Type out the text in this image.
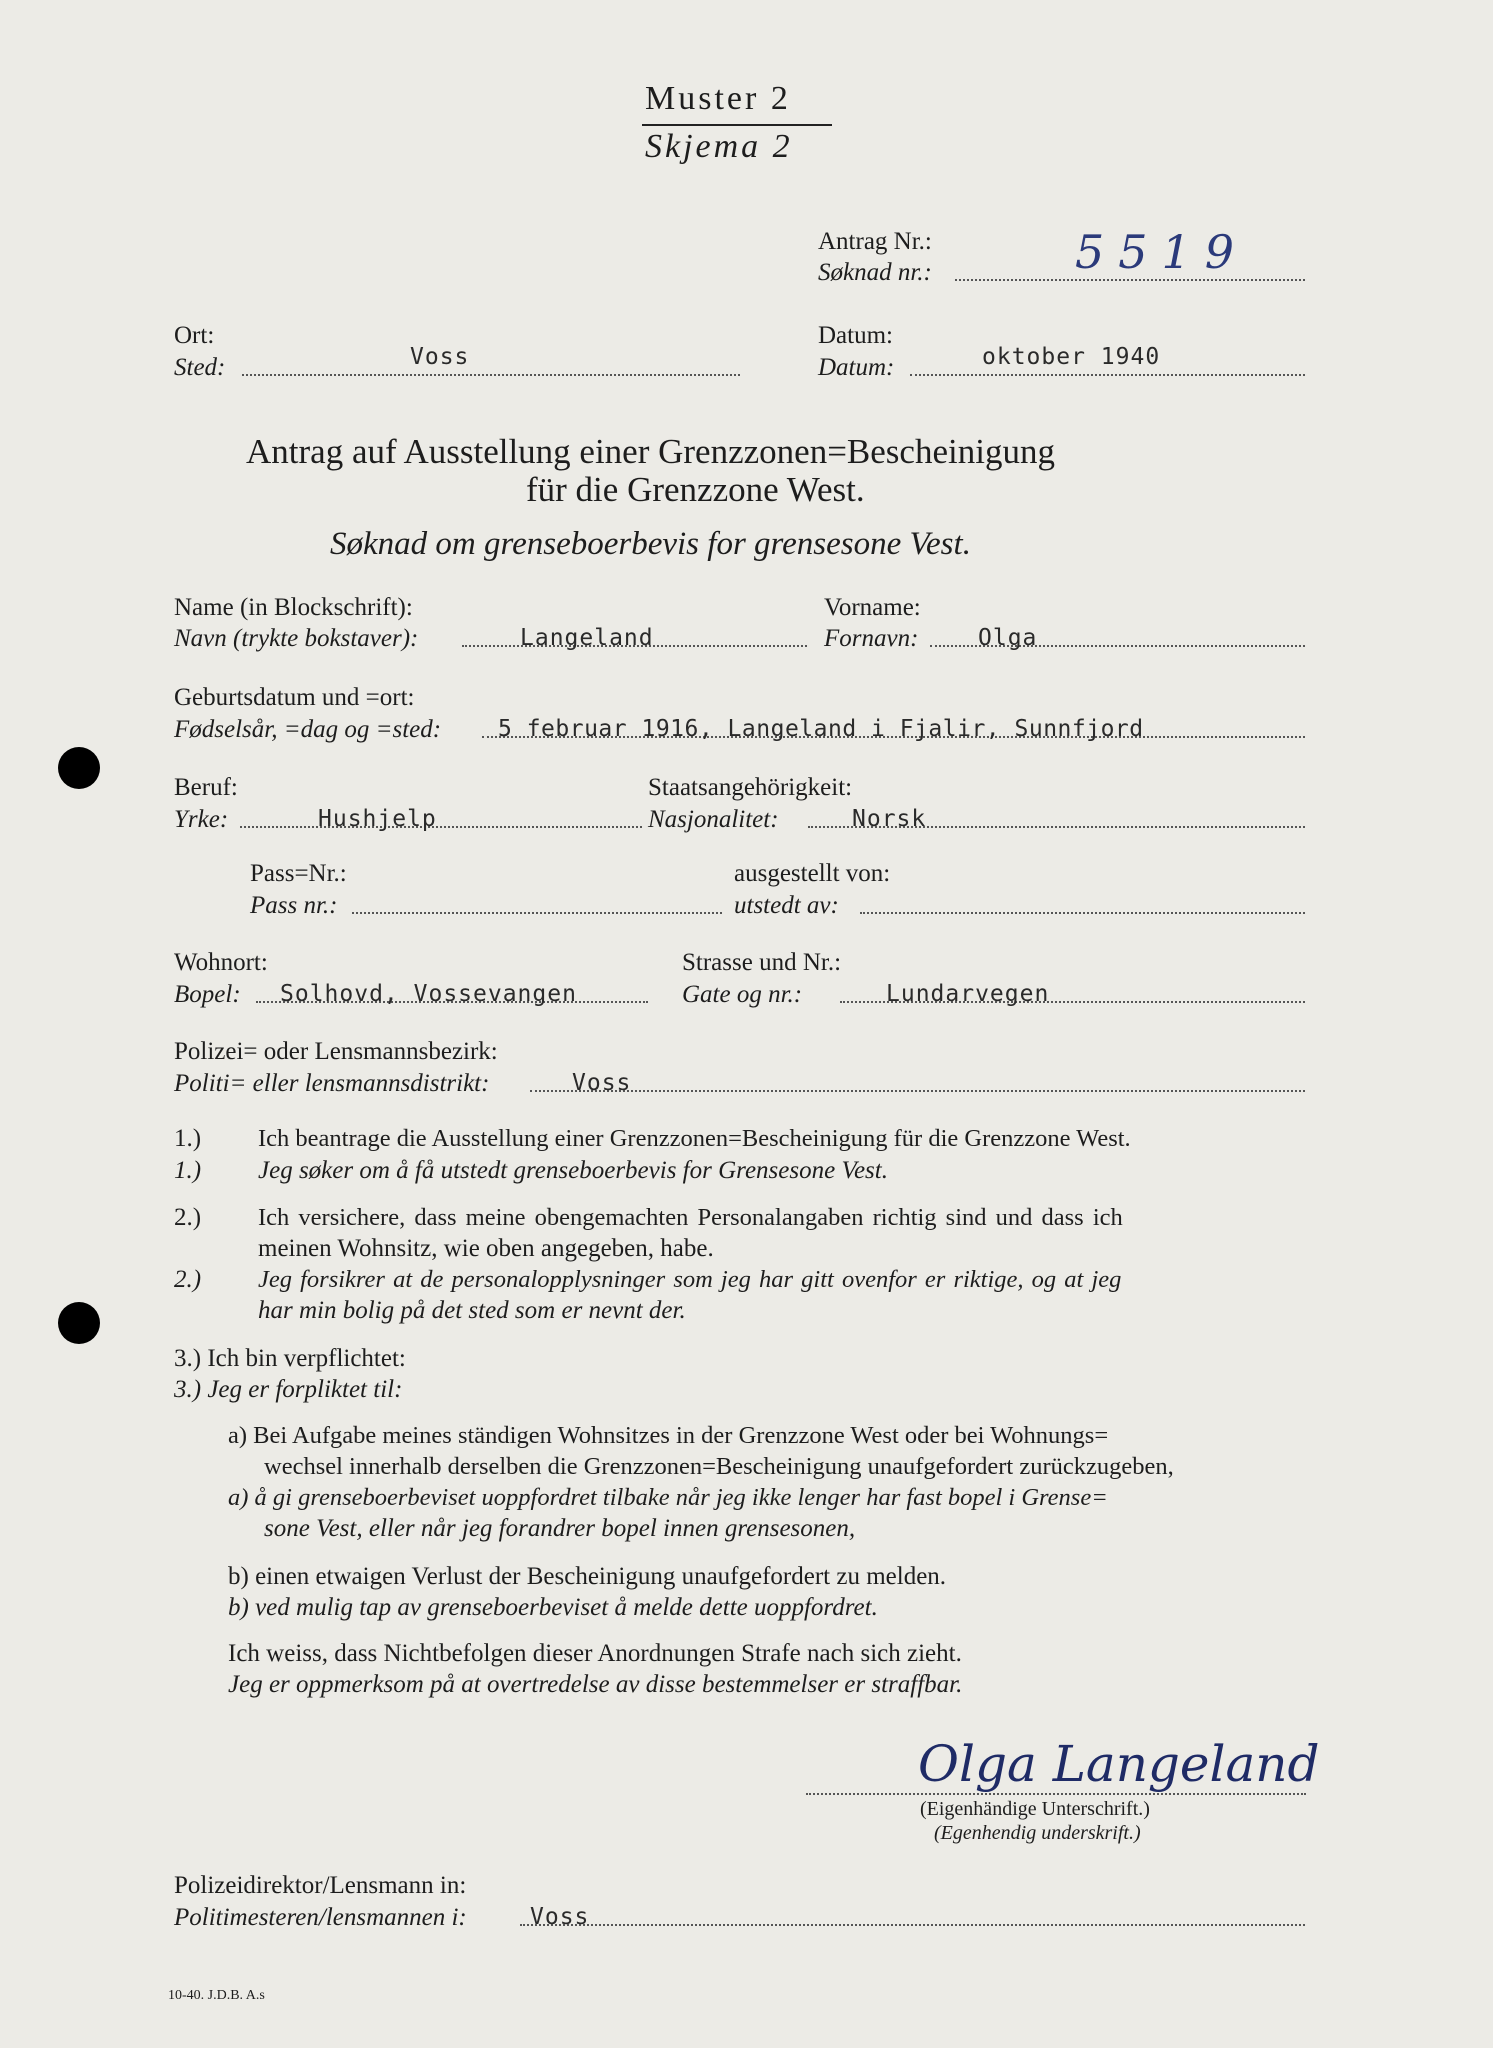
Muster 2
Skjema 2
Antrag Nr.:
Søknad nr.:	5519
Ort:
Sted:	Voss
Datum:
Datum:	oktober 1940
Antrag auf Ausstellung einer Grenzzonen=Bescheinigung
für die Grenzzone West.
Søknad om grenseboerbevis for grensesone Vest.
Name (in Blockschrift):
Navn (trykte bokstaver):	Langeland
Vorname:
Fornavn:	Olga
Geburtsdatum und =ort:
Fødselsår, =dag og =sted: 5 februar 1916, Langeland i Fjalir, Sunnfjord
Beruf:
Yrke:	Hushjelp
Staatsangehörigkeit:
Nasjonalitet:	Norsk
Pass=Nr.:
Pass nr.:
ausgestellt von:
utstedt av:
Wohnort:
Bopel: Solhovd, Vossevangen
Strasse und Nr.:
Gate og nr.:	Lundarvegen
Polizei= oder Lensmannsbezirk:
Politi= eller lensmannsdistrikt:	Voss
1.) Ich beantrage die Ausstellung einer Grenzzonen=Bescheinigung für die Grenzzone West.
1.) Jeg søker om å få utstedt grenseboerbevis for Grensesone Vest.
2.) Ich versichere, dass meine obengemachten Personalangaben richtig sind und dass ich
meinen Wohnsitz, wie oben angegeben, habe.
2.) Jeg forsikrer at de personalopplysninger som jeg har gitt ovenfor er riktige, og at jeg
har min bolig på det sted som er nevnt der.
3.) Ich bin verpflichtet:
3.) Jeg er forpliktet til:
a) Bei Aufgabe meines ständigen Wohnsitzes in der Grenzzone West oder bei Wohnungs=
wechsel innerhalb derselben die Grenzzonen=Bescheinigung unaufgefordert zurückzugeben,
a) å gi grenseboerbeviset uoppfordret tilbake når jeg ikke lenger har fast bopel i Grense=
sone Vest, eller når jeg forandrer bopel innen grensesonen,
b) einen etwaigen Verlust der Bescheinigung unaufgefordert zu melden.
b) ved mulig tap av grenseboerbeviset å melde dette uoppfordret.
Ich weiss, dass Nichtbefolgen dieser Anordnungen Strafe nach sich zieht.
Jeg er oppmerksom på at overtredelse av disse bestemmelser er straffbar.
Olga Langeland
(Eigenhändige Unterschrift.)
(Egenhendig underskrift.)
Polizeidirektor/Lensmann in:
Politimesteren/lensmannen i:	Voss
10-40. J.D.B. A.s
